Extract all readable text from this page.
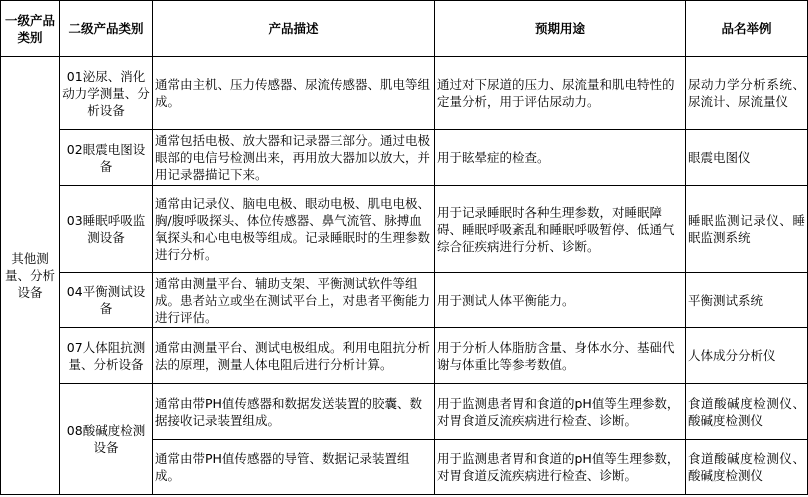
一级产品类别	二级产品类别	产品描述	预期用途	品名举例
其他测量、分析设备	01泌尿、消化动力学测量、分析设备	通常由主机、压力传感器、尿流传感器、肌电等组成。	通过对下尿道的压力、尿流量和肌电特性的定量分析，用于评估尿动力。	尿动力学分析系统、尿流计、尿流量仪
	02眼震电图设备	通常包括电极、放大器和记录器三部分。通过电极眼部的电信号检测出来，再用放大器加以放大，并用记录器描记下来。	用于眩晕症的检查。	眼震电图仪
	03睡眠呼吸监测设备	通常由记录仪、脑电电极、眼动电极、肌电电极、胸/腹呼吸探头、体位传感器、鼻气流管、脉搏血氧探头和心电电极等组成。记录睡眠时的生理参数进行分析。	用于记录睡眠时各种生理参数，对睡眠障碍、睡眠呼吸紊乱和睡眠呼吸暂停、低通气综合征疾病进行分析、诊断。	睡眠监测记录仪、睡眠监测系统
	04平衡测试设备	通常由测量平台、辅助支架、平衡测试软件等组成。患者站立或坐在测试平台上，对患者平衡能力进行评估。	用于测试人体平衡能力。	平衡测试系统
	07人体阻抗测量、分析设备	通常由测量平台、测试电极组成。利用电阻抗分析法的原理，测量人体电阻后进行分析计算。	用于分析人体脂肪含量、身体水分、基础代谢与体重比等参考数值。	人体成分分析仪
	08酸碱度检测设备	通常由带PH值传感器和数据发送装置的胶囊、数据接收记录装置组成。	用于监测患者胃和食道的pH值等生理参数，对胃食道反流疾病进行检查、诊断。	食道酸碱度检测仪、酸碱度检测仪
		通常由带PH值传感器的导管、数据记录装置组成。	用于监测患者胃和食道的pH值等生理参数，对胃食道反流疾病进行检查、诊断。	食道酸碱度检测仪、酸碱度检测仪
